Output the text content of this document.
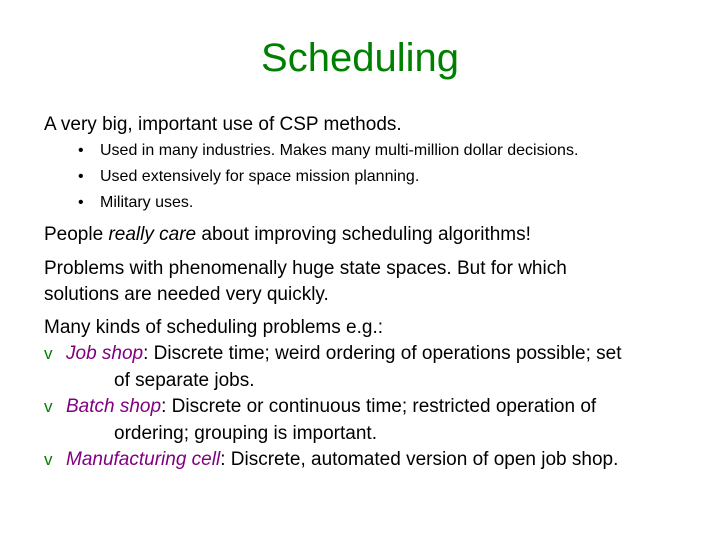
Scheduling
A very big, important use of CSP methods.
• Used in many industries. Makes many multi-million dollar decisions.
• Used extensively for space mission planning.
• Military uses.
People really care about improving scheduling algorithms!
Problems with phenomenally huge state spaces. But for which
solutions are needed very quickly.
Many kinds of scheduling problems e.g.:
v Job shop: Discrete time; weird ordering of operations possible; set
of separate jobs.
v Batch shop: Discrete or continuous time; restricted operation of
ordering; grouping is important.
v Manufacturing cell: Discrete, automated version of open job shop.
